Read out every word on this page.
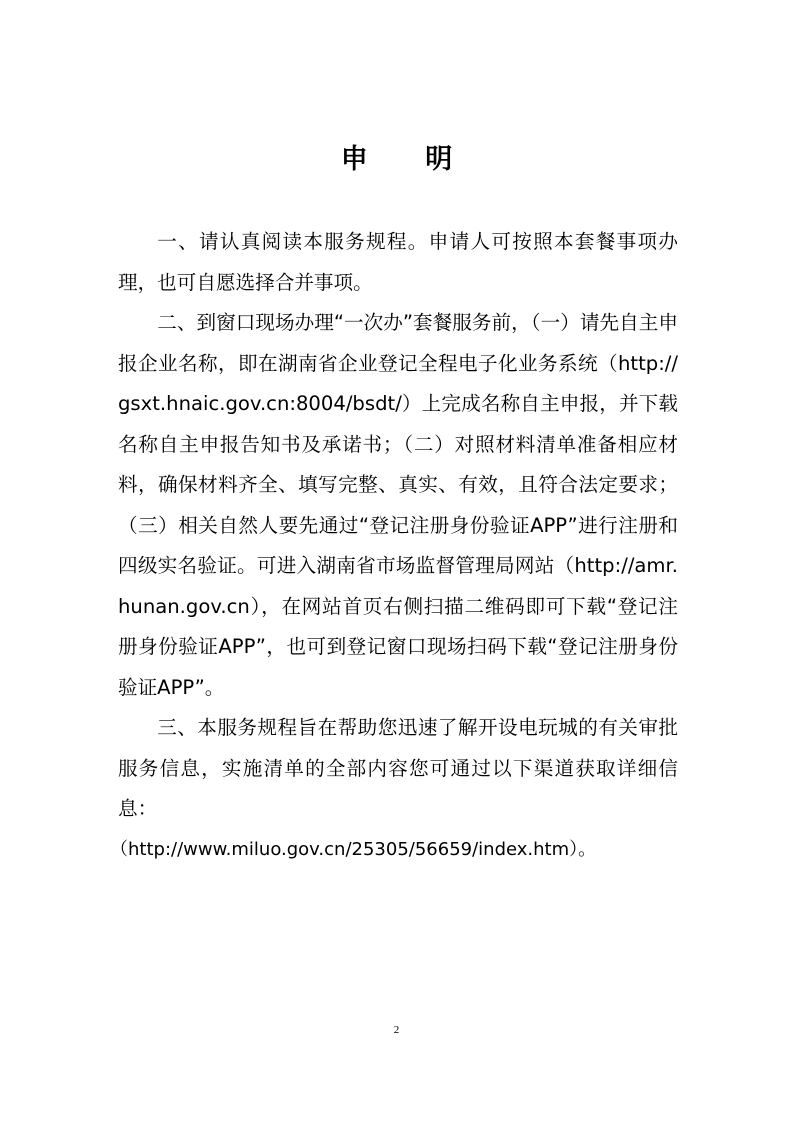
申 明

一、请认真阅读本服务规程。申请人可按照本套餐事项办理，也可自愿选择合并事项。

二、到窗口现场办理“一次办”套餐服务前，（一）请先自主申报企业名称，即在湖南省企业登记全程电子化业务系统（http://gsxt.hnaic.gov.cn:8004/bsdt/）上完成名称自主申报，并下载名称自主申报告知书及承诺书；（二）对照材料清单准备相应材料，确保材料齐全、填写完整、真实、有效，且符合法定要求；（三）相关自然人要先通过“登记注册身份验证APP”进行注册和四级实名验证。可进入湖南省市场监督管理局网站（http://amr.hunan.gov.cn），在网站首页右侧扫描二维码即可下载“登记注册身份验证APP”，也可到登记窗口现场扫码下载“登记注册身份验证APP”。

三、本服务规程旨在帮助您迅速了解开设电玩城的有关审批服务信息，实施清单的全部内容您可通过以下渠道获取详细信息：

（http://www.miluo.gov.cn/25305/56659/index.htm）。

2
